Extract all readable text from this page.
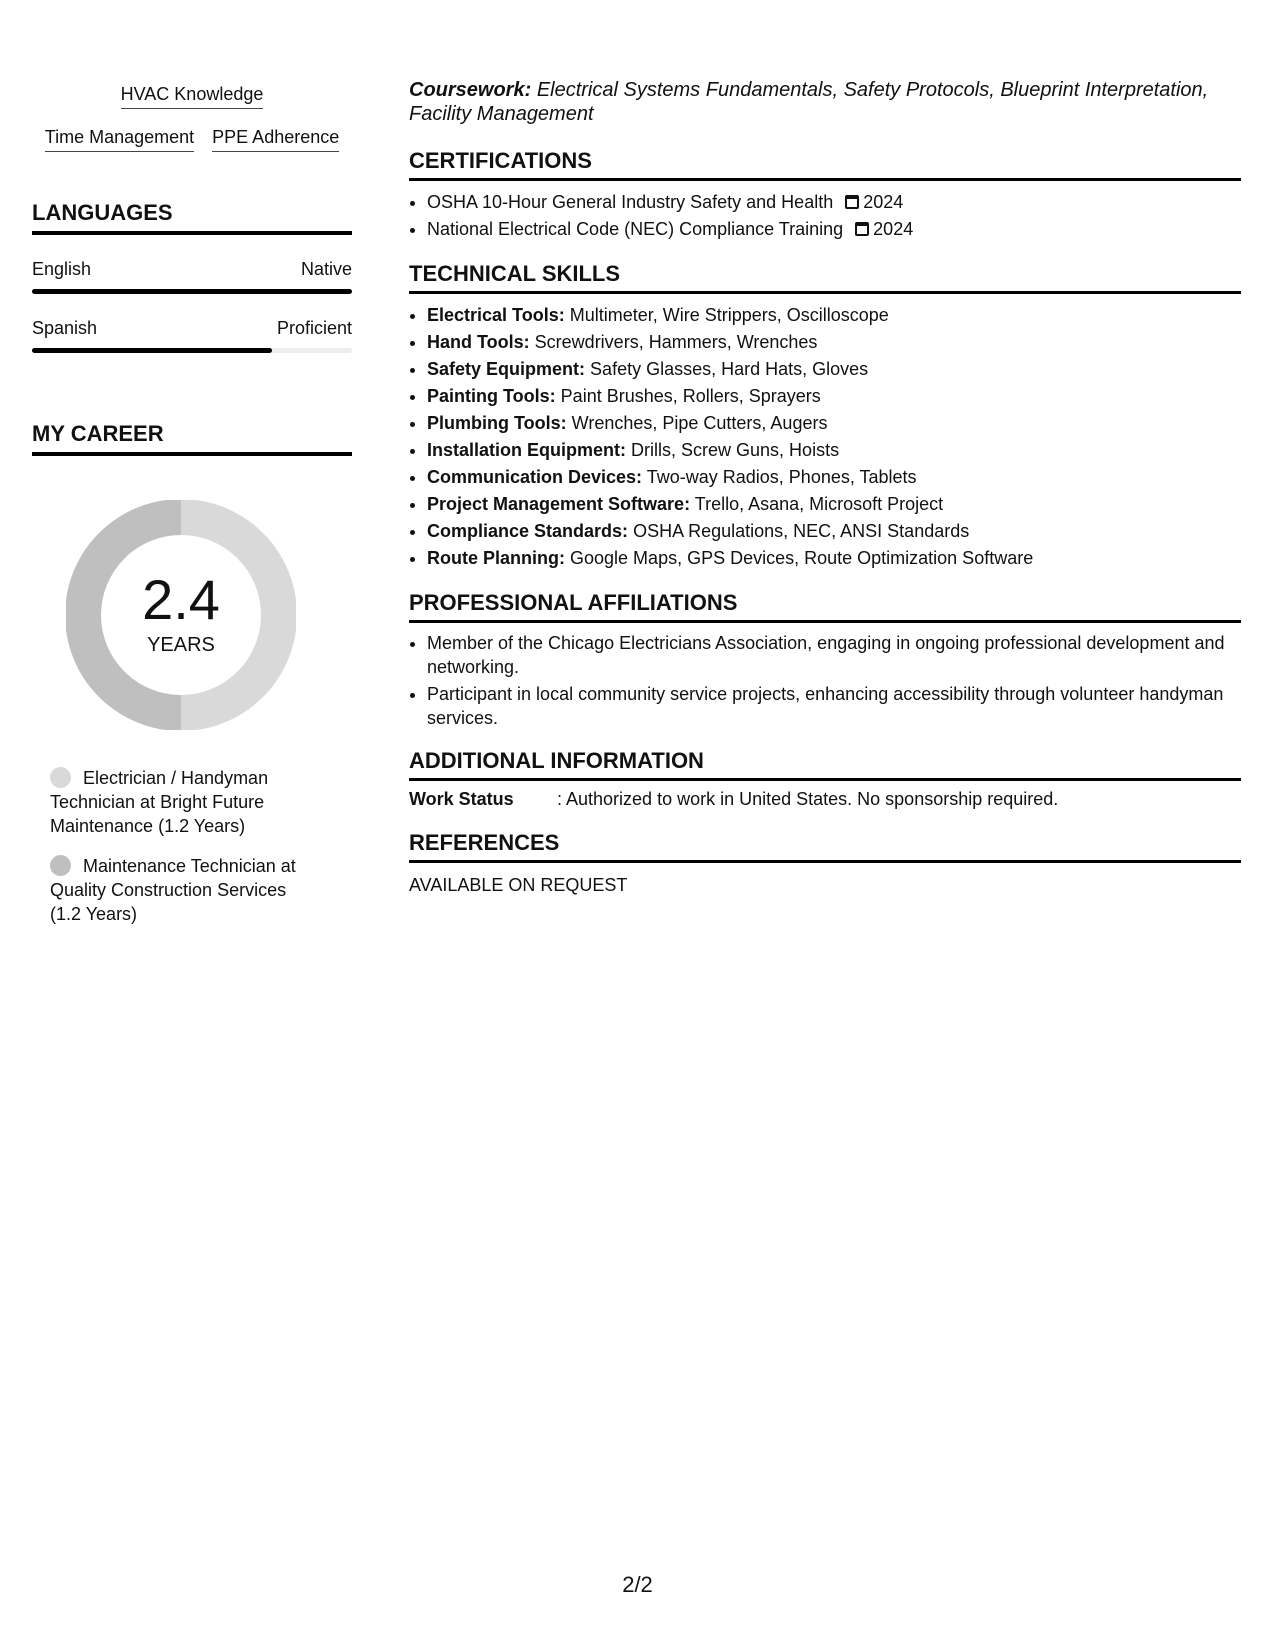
HVAC Knowledge
Time Management PPE Adherence
LANGUAGES
English	Native
Spanish	Proficient
MY CAREER
2.4
YEARS
Electrician / Handyman Technician at Bright Future Maintenance (1.2 Years)
Maintenance Technician at Quality Construction Services (1.2 Years)
Coursework: Electrical Systems Fundamentals, Safety Protocols, Blueprint Interpretation, Facility Management
CERTIFICATIONS
• OSHA 10-Hour General Industry Safety and Health 2024
• National Electrical Code (NEC) Compliance Training 2024
TECHNICAL SKILLS
• Electrical Tools: Multimeter, Wire Strippers, Oscilloscope
• Hand Tools: Screwdrivers, Hammers, Wrenches
• Safety Equipment: Safety Glasses, Hard Hats, Gloves
• Painting Tools: Paint Brushes, Rollers, Sprayers
• Plumbing Tools: Wrenches, Pipe Cutters, Augers
• Installation Equipment: Drills, Screw Guns, Hoists
• Communication Devices: Two-way Radios, Phones, Tablets
• Project Management Software: Trello, Asana, Microsoft Project
• Compliance Standards: OSHA Regulations, NEC, ANSI Standards
• Route Planning: Google Maps, GPS Devices, Route Optimization Software
PROFESSIONAL AFFILIATIONS
• Member of the Chicago Electricians Association, engaging in ongoing professional development and networking.
• Participant in local community service projects, enhancing accessibility through volunteer handyman services.
ADDITIONAL INFORMATION
Work Status : Authorized to work in United States. No sponsorship required.
REFERENCES
AVAILABLE ON REQUEST
2/2
